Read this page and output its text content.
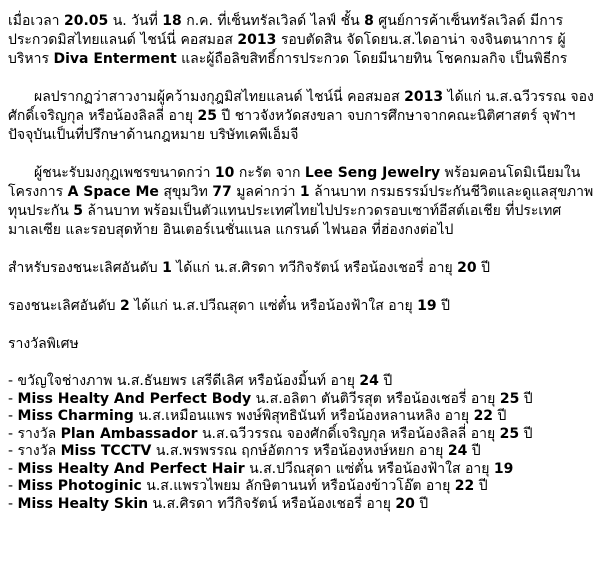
เมื่อเวลา 20.05 น. วันที่ 18 ก.ค. ที่เซ็นทรัลเวิลด์ ไลฟ์ ชั้น 8 ศูนย์การค้าเซ็นทรัลเวิลด์ มีการประกวดมิสไทยแลนด์ ไชน์นี่ คอสมอส 2013 รอบตัดสิน จัดโดยน.ส.ไดอาน่า จงจินตนาการ ผู้บริหาร Diva Enterment และผู้ถือลิขสิทธิ์การประกวด โดยมีนายทิน โชคกมลกิจ เป็นพิธีกร

ผลปรากฏว่าสาวงามผู้คว้ามงกุฎมิสไทยแลนด์ ไชน์นี่ คอสมอส 2013 ได้แก่ น.ส.ฉวีวรรณ จองศักดิ์เจริญกุล หรือน้องลิลลี่ อายุ 25 ปี ชาวจังหวัดสงขลา จบการศึกษาจากคณะนิติศาสตร์ จุฬาฯ ปัจจุบันเป็นที่ปรึกษาด้านกฎหมาย บริษัทเคพีเอ็มจี

ผู้ชนะรับมงกุฎเพชรขนาดกว่า 10 กะรัต จาก Lee Seng Jewelry พร้อมคอนโดมิเนียมในโครงการ A Space Me สุขุมวิท 77 มูลค่ากว่า 1 ล้านบาท กรมธรรม์ประกันชีวิตและดูแลสุขภาพ ทุนประกัน 5 ล้านบาท พร้อมเป็นตัวแทนประเทศไทยไปประกวดรอบเซาท์อีสต์เอเชีย ที่ประเทศมาเลเซีย และรอบสุดท้าย อินเตอร์เนชั่นแนล แกรนด์ ไฟนอล ที่ฮ่องกงต่อไป

สำหรับรองชนะเลิศอันดับ 1 ได้แก่ น.ส.ศิรดา ทวีกิจรัตน์ หรือน้องเชอรี่ อายุ 20 ปี

รองชนะเลิศอันดับ 2 ได้แก่ น.ส.ปวีณสุดา แซ่ตั๋น หรือน้องฟ้าใส อายุ 19 ปี

รางวัลพิเศษ

- ขวัญใจช่างภาพ น.ส.ธันยพร เสรีดีเลิศ หรือน้องมิ้นท์ อายุ 24 ปี
- Miss Healty And Perfect Body น.ส.อลิตา ตันติวีรสุต หรือน้องเชอรี่ อายุ 25 ปี
- Miss Charming น.ส.เหมือนแพร พงษ์พิสุทธินันท์ หรือน้องหลานหลิง อายุ 22 ปี
- รางวัล Plan Ambassador น.ส.ฉวีวรรณ จองศักดิ์เจริญกุล หรือน้องลิลลี่ อายุ 25 ปี
- รางวัล Miss TCCTV น.ส.พรพรรณ ฤกษ์อัตการ หรือน้องหงษ์หยก อายุ 24 ปี
- Miss Healty And Perfect Hair น.ส.ปวีณสุดา แซ่ตั๋น หรือน้องฟ้าใส อายุ 19
- Miss Photoginic น.ส.แพรวไพยม ลักษิตานนท์ หรือน้องข้าวโอ๊ต อายุ 22 ปี
- Miss Healty Skin น.ส.ศิรดา ทวีกิจรัตน์ หรือน้องเชอรี่ อายุ 20 ปี
